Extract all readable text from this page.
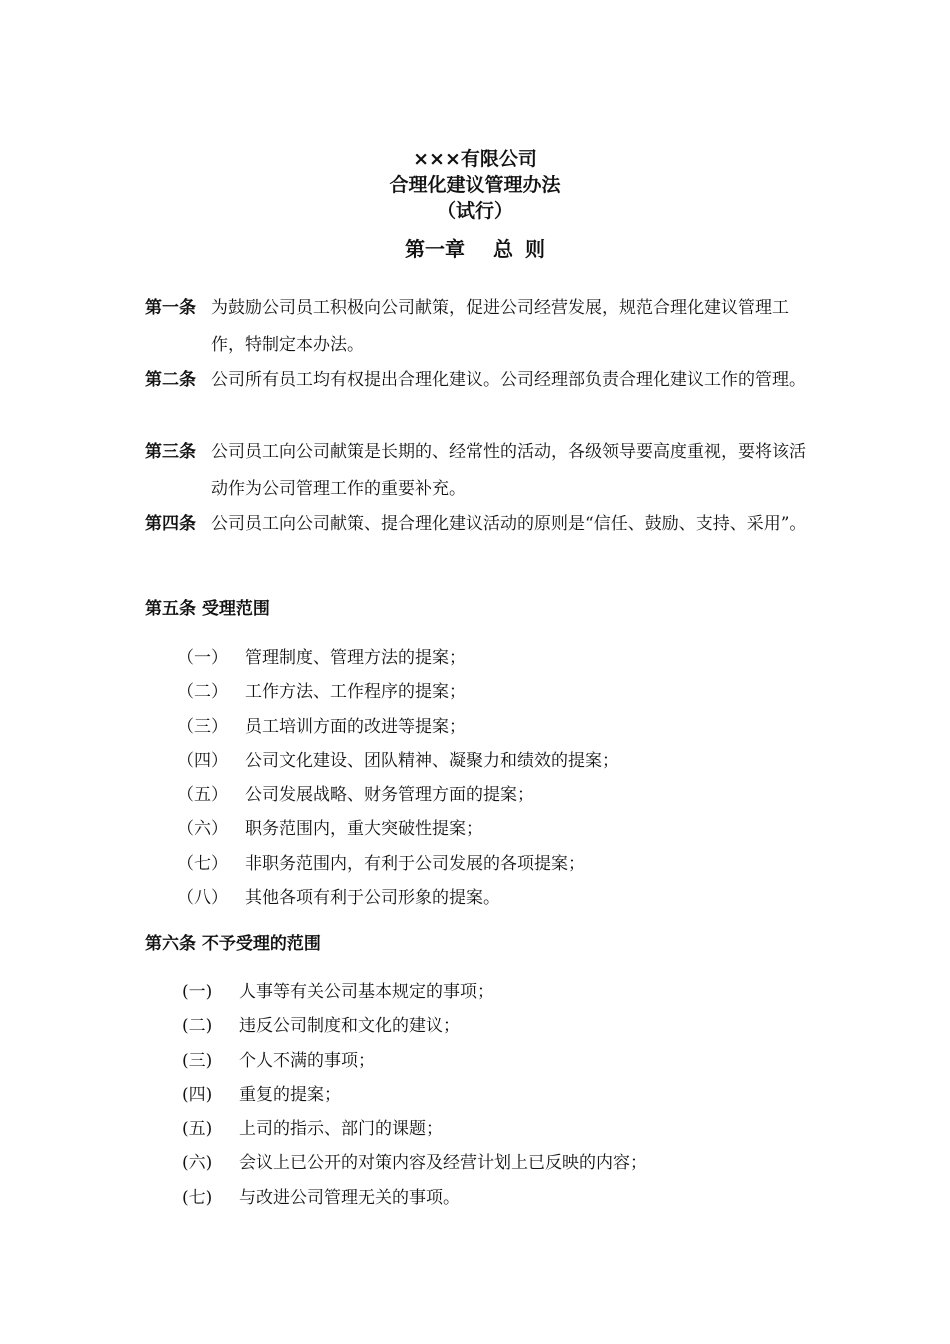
×××有限公司
合理化建议管理办法
（试行）
第一章 总 则
第一条 为鼓励公司员工积极向公司献策，促进公司经营发展，规范合理化建议管理工作，特制定本办法。
第二条 公司所有员工均有权提出合理化建议。公司经理部负责合理化建议工作的管理。
第三条 公司员工向公司献策是长期的、经常性的活动，各级领导要高度重视，要将该活动作为公司管理工作的重要补充。
第四条 公司员工向公司献策、提合理化建议活动的原则是“信任、鼓励、支持、采用”。
第五条 受理范围
（一） 管理制度、管理方法的提案；
（二） 工作方法、工作程序的提案；
（三） 员工培训方面的改进等提案；
（四） 公司文化建设、团队精神、凝聚力和绩效的提案；
（五） 公司发展战略、财务管理方面的提案；
（六） 职务范围内，重大突破性提案；
（七） 非职务范围内，有利于公司发展的各项提案；
（八） 其他各项有利于公司形象的提案。
第六条 不予受理的范围
(一) 人事等有关公司基本规定的事项；
(二) 违反公司制度和文化的建议；
(三) 个人不满的事项；
(四) 重复的提案；
(五) 上司的指示、部门的课题；
(六) 会议上已公开的对策内容及经营计划上已反映的内容；
(七) 与改进公司管理无关的事项。
